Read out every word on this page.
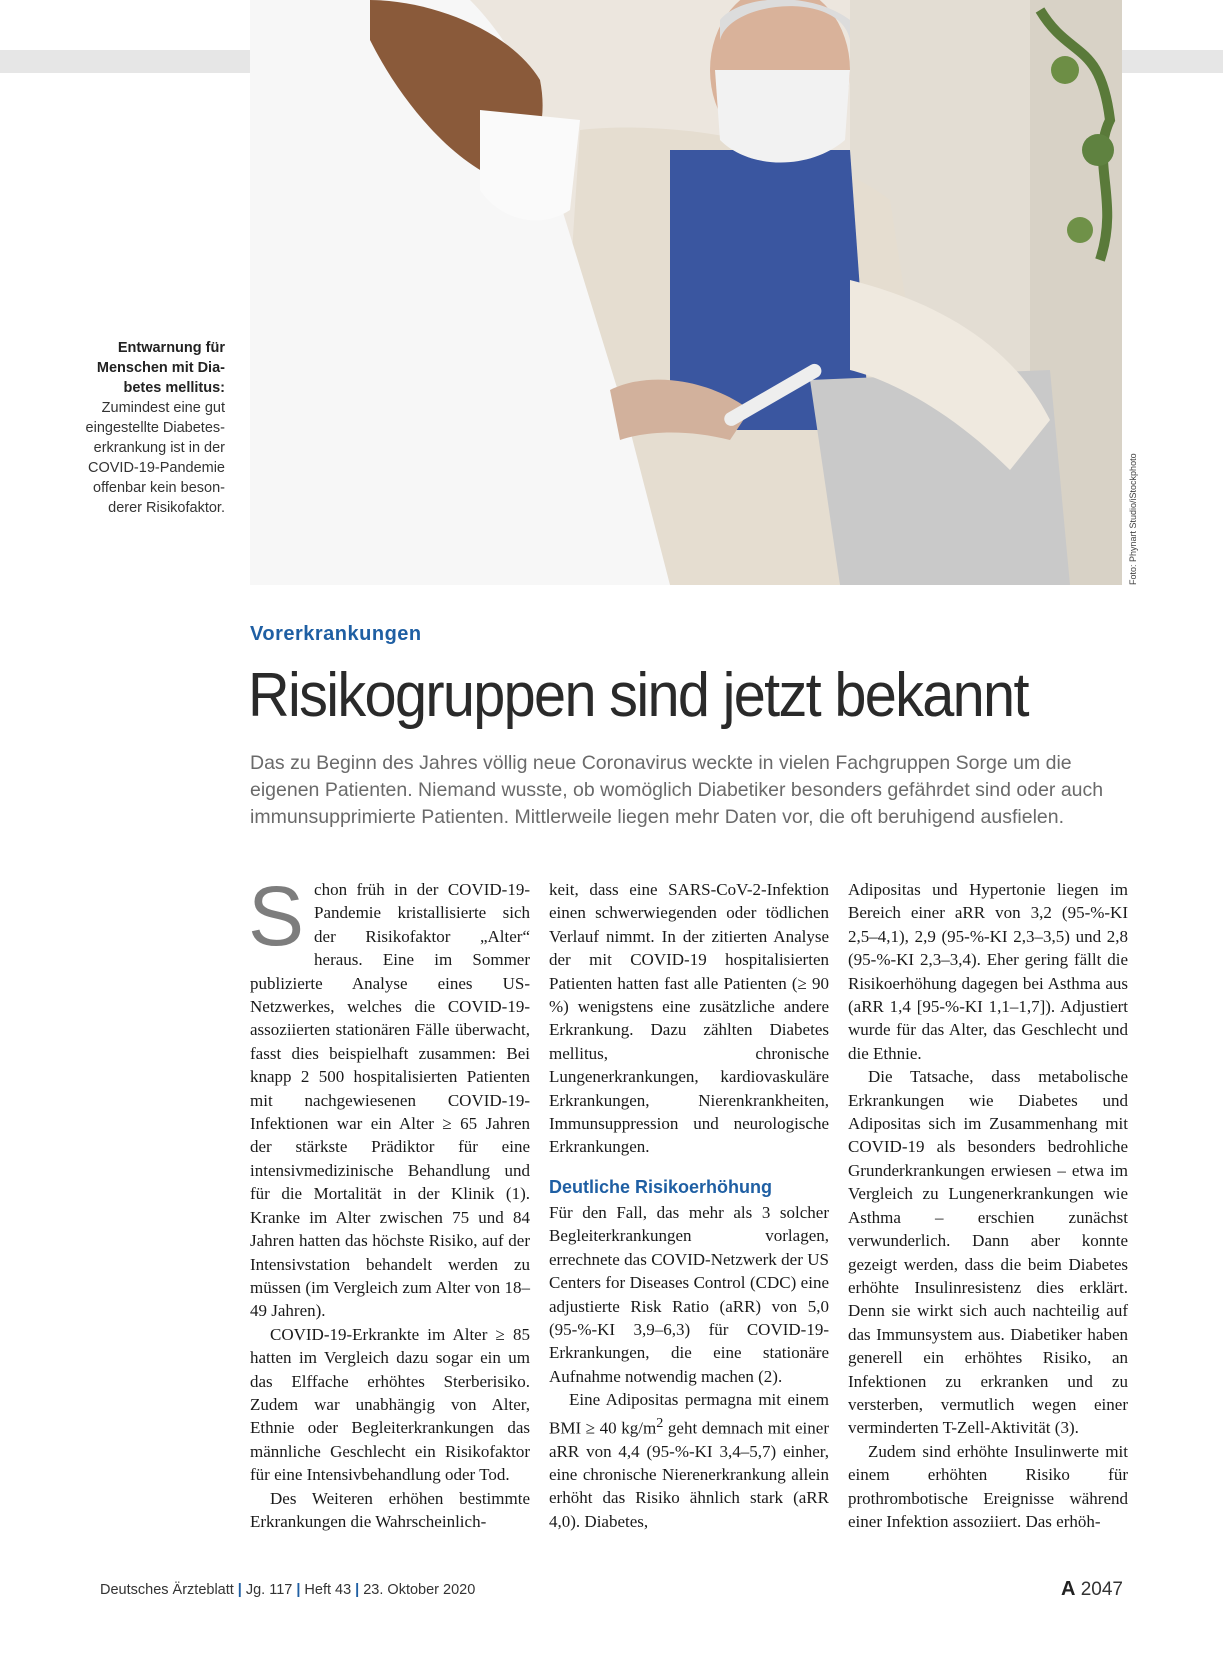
Foto: Phynart Studio/iStockphoto
Entwarnung für Menschen mit Diabetes mellitus: Zumindest eine gut eingestellte Diabeteserkrankung ist in der COVID-19-Pandemie offenbar kein besonderer Risikofaktor.
Vorerkrankungen
Risikogruppen sind jetzt bekannt
Das zu Beginn des Jahres völlig neue Coronavirus weckte in vielen Fachgruppen Sorge um die eigenen Patienten. Niemand wusste, ob womöglich Diabetiker besonders gefährdet sind oder auch immunsupprimierte Patienten. Mittlerweile liegen mehr Daten vor, die oft beruhigend ausfielen.

Schon früh in der COVID-19-Pandemie kristallisierte sich der Risikofaktor „Alter“ heraus. Eine im Sommer publizierte Analyse eines US-Netzwerkes, welches die COVID-19-assoziierten stationären Fälle überwacht, fasst dies beispielhaft zusammen: Bei knapp 2 500 hospitalisierten Patienten mit nachgewiesenen COVID-19-Infektionen war ein Alter ≥ 65 Jahren der stärkste Prädiktor für eine intensivmedizinische Behandlung und für die Mortalität in der Klinik (1). Kranke im Alter zwischen 75 und 84 Jahren hatten das höchste Risiko, auf der Intensivstation behandelt werden zu müssen (im Vergleich zum Alter von 18–49 Jahren).

COVID-19-Erkrankte im Alter ≥ 85 hatten im Vergleich dazu sogar ein um das Elffache erhöhtes Sterberisiko. Zudem war unabhängig von Alter, Ethnie oder Begleiterkrankungen das männliche Geschlecht ein Risikofaktor für eine Intensivbehandlung oder Tod.

Des Weiteren erhöhen bestimmte Erkrankungen die Wahrscheinlich-

keit, dass eine SARS-CoV-2-Infektion einen schwerwiegenden oder tödlichen Verlauf nimmt. In der zitierten Analyse der mit COVID-19 hospitalisierten Patienten hatten fast alle Patienten (≥ 90 %) wenigstens eine zusätzliche andere Erkrankung. Dazu zählten Diabetes mellitus, chronische Lungenerkrankungen, kardiovaskuläre Erkrankungen, Nierenkrankheiten, Immunsuppression und neurologische Erkrankungen.

Deutliche Risikoerhöhung

Für den Fall, das mehr als 3 solcher Begleiterkrankungen vorlagen, errechnete das COVID-Netzwerk der US Centers for Diseases Control (CDC) eine adjustierte Risk Ratio (aRR) von 5,0 (95-%-KI 3,9–6,3) für COVID-19-Erkrankungen, die eine stationäre Aufnahme notwendig machen (2).

Eine Adipositas permagna mit einem BMI ≥ 40 $kg/m^2$ geht demnach mit einer aRR von 4,4 (95-%-KI 3,4–5,7) einher, eine chronische Nierenerkrankung allein erhöht das Risiko ähnlich stark (aRR 4,0). Diabetes,

Adipositas und Hypertonie liegen im Bereich einer aRR von 3,2 (95-%-KI 2,5–4,1), 2,9 (95-%-KI 2,3–3,5) und 2,8 (95-%-KI 2,3–3,4). Eher gering fällt die Risikoerhöhung dagegen bei Asthma aus (aRR 1,4 [95-%-KI 1,1–1,7]). Adjustiert wurde für das Alter, das Geschlecht und die Ethnie.

Die Tatsache, dass metabolische Erkrankungen wie Diabetes und Adipositas sich im Zusammenhang mit COVID-19 als besonders bedrohliche Grunderkrankungen erwiesen – etwa im Vergleich zu Lungenerkrankungen wie Asthma – erschien zunächst verwunderlich. Dann aber konnte gezeigt werden, dass die beim Diabetes erhöhte Insulinresistenz dies erklärt. Denn sie wirkt sich auch nachteilig auf das Immunsystem aus. Diabetiker haben generell ein erhöhtes Risiko, an Infektionen zu erkranken und zu versterben, vermutlich wegen einer verminderten T-Zell-Aktivität (3).

Zudem sind erhöhte Insulinwerte mit einem erhöhten Risiko für prothrombotische Ereignisse während einer Infektion assoziiert. Das erhöh-

Deutsches Ärzteblatt | Jg. 117 | Heft 43 | 23. Oktober 2020	A 2047
